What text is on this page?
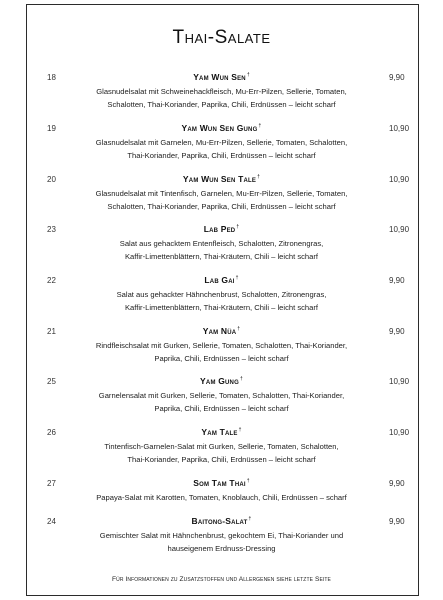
Thai-Salate
18	Yam Wun Sen†	9,90
Glasnudelsalat mit Schweinehackfleisch, Mu-Err-Pilzen, Sellerie, Tomaten,
Schalotten, Thai-Koriander, Paprika, Chili, Erdnüssen – leicht scharf
19	Yam Wun Sen Gung†	10,90
Glasnudelsalat mit Garnelen, Mu-Err-Pilzen, Sellerie, Tomaten, Schalotten,
Thai-Koriander, Paprika, Chili, Erdnüssen – leicht scharf
20	Yam Wun Sen Tale†	10,90
Glasnudelsalat mit Tintenfisch, Garnelen, Mu-Err-Pilzen, Sellerie, Tomaten,
Schalotten, Thai-Koriander, Paprika, Chili, Erdnüssen – leicht scharf
23	Lab Ped†	10,90
Salat aus gehacktem Entenfleisch, Schalotten, Zitronengras,
Kaffir-Limettenblättern, Thai-Kräutern, Chili – leicht scharf
22	Lab Gai†	9,90
Salat aus gehackter Hähnchenbrust, Schalotten, Zitronengras,
Kaffir-Limettenblättern, Thai-Kräutern, Chili – leicht scharf
21	Yam Nüa†	9,90
Rindfleischsalat mit Gurken, Sellerie, Tomaten, Schalotten, Thai-Koriander,
Paprika, Chili, Erdnüssen – leicht scharf
25	Yam Gung†	10,90
Garnelensalat mit Gurken, Sellerie, Tomaten, Schalotten, Thai-Koriander,
Paprika, Chili, Erdnüssen – leicht scharf
26	Yam Tale†	10,90
Tintenfisch-Garnelen-Salat mit Gurken, Sellerie, Tomaten, Schalotten,
Thai-Koriander, Paprika, Chili, Erdnüssen – leicht scharf
27	Som Tam Thai†	9,90
Papaya-Salat mit Karotten, Tomaten, Knoblauch, Chili, Erdnüssen – scharf
24	Baitong-Salat†	9,90
Gemischter Salat mit Hähnchenbrust, gekochtem Ei, Thai-Koriander und
hauseigenem Erdnuss-Dressing
Für Informationen zu Zusatzstoffen und Allergenen siehe letzte Seite
